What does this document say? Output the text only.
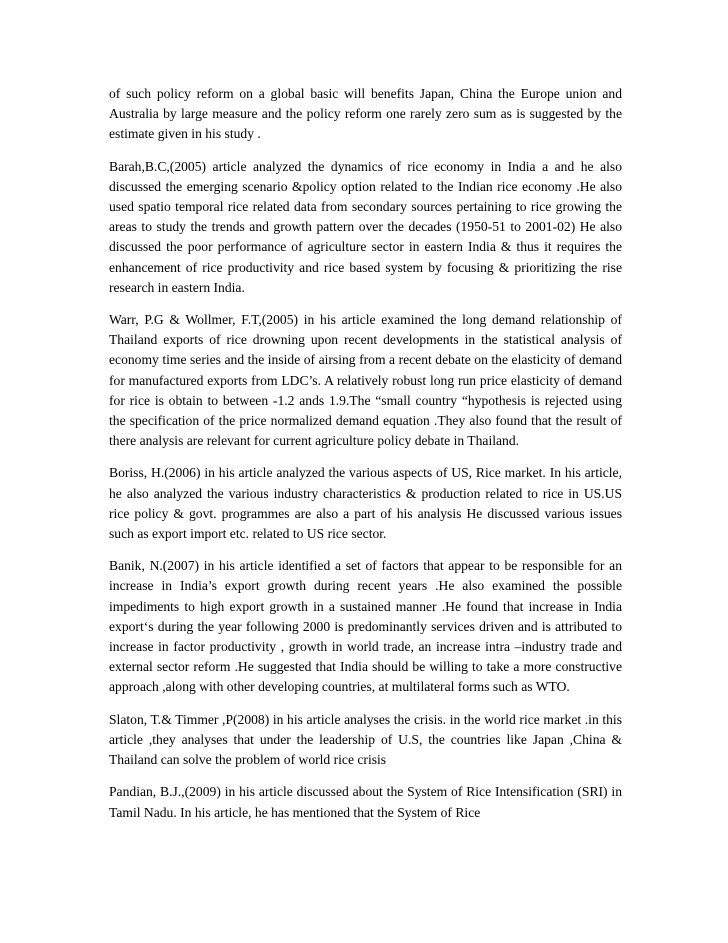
of such policy reform on a global basic will benefits Japan, China the Europe union and Australia by large measure and the policy reform one rarely zero sum as is suggested by the estimate given in his study .

Barah,B.C,(2005) article analyzed the dynamics of rice economy in India a and he also discussed the emerging scenario &policy option related to the Indian rice economy .He also used spatio temporal rice related data from secondary sources pertaining to rice growing the areas to study the trends and growth pattern over the decades (1950-51 to 2001-02) He also discussed the poor performance of agriculture sector in eastern India & thus it requires the enhancement of rice productivity and rice based system by focusing & prioritizing the rise research in eastern India.

Warr, P.G & Wollmer, F.T,(2005) in his article examined the long demand relationship of Thailand exports of rice drowning upon recent developments in the statistical analysis of economy time series and the inside of airsing from a recent debate on the elasticity of demand for manufactured exports from LDC’s. A relatively robust long run price elasticity of demand for rice is obtain to between -1.2 ands 1.9.The “small country “hypothesis is rejected using the specification of the price normalized demand equation .They also found that the result of there analysis are relevant for current agriculture policy debate in Thailand.

Boriss, H.(2006) in his article analyzed the various aspects of US, Rice market. In his article, he also analyzed the various industry characteristics & production related to rice in US.US rice policy & govt. programmes are also a part of his analysis He discussed various issues such as export import etc. related to US rice sector.

Banik, N.(2007) in his article identified a set of factors that appear to be responsible for an increase in India’s export growth during recent years .He also examined the possible impediments to high export growth in a sustained manner .He found that increase in India export‘s during the year following 2000 is predominantly services driven and is attributed to increase in factor productivity , growth in world trade, an increase intra –industry trade and external sector reform .He suggested that India should be willing to take a more constructive approach ,along with other developing countries, at multilateral forms such as WTO.

Slaton, T.& Timmer ,P(2008) in his article analyses the crisis. in the world rice market .in this article ,they analyses that under the leadership of U.S, the countries like Japan ,China & Thailand can solve the problem of world rice crisis

Pandian, B.J.,(2009) in his article discussed about the System of Rice Intensification (SRI) in Tamil Nadu. In his article, he has mentioned that the System of Rice
